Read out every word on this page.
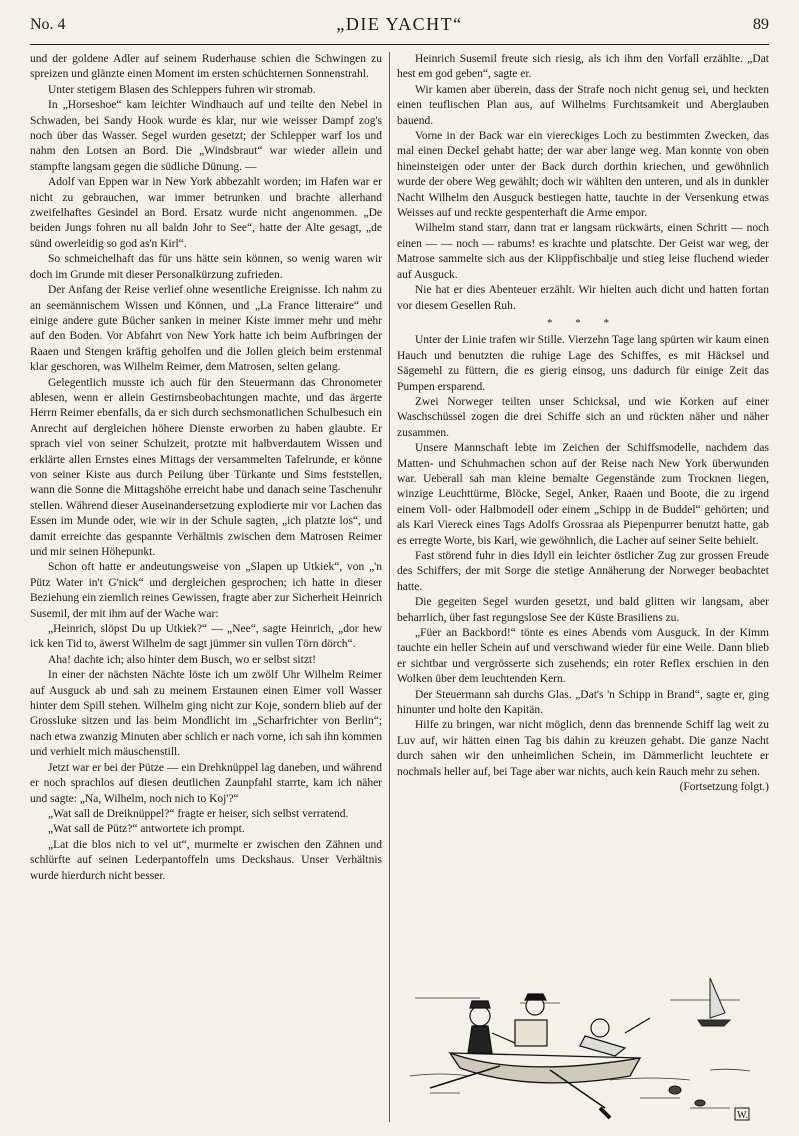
No. 4	„DIE YACHT“	89

und der goldene Adler auf seinem Ruderhause schien die Schwingen zu spreizen und glänzte einen Moment im ersten schüchternen Sonnenstrahl.

Unter stetigem Blasen des Schleppers fuhren wir stromab.

In „Horseshoe“ kam leichter Windhauch auf und teilte den Nebel in Schwaden, bei Sandy Hook wurde es klar, nur wie weisser Dampf zog's noch über das Wasser. Segel wurden gesetzt; der Schlepper warf los und nahm den Lotsen an Bord. Die „Windsbraut“ war wieder allein und stampfte langsam gegen die südliche Dünung. —

Adolf van Eppen war in New York abbezahlt worden; im Hafen war er nicht zu gebrauchen, war immer betrunken und brachte allerhand zweifelhaftes Gesindel an Bord. Ersatz wurde nicht angenommen. „De beiden Jungs fohren nu all baldn Johr to See“, hatte der Alte gesagt, „de sünd owerleidig so god as'n Kirl“.

So schmeichelhaft das für uns hätte sein können, so wenig waren wir doch im Grunde mit dieser Personalkürzung zufrieden.

Der Anfang der Reise verlief ohne wesentliche Ereignisse. Ich nahm zu an seemännischem Wissen und Können, und „La France litteraire“ und einige andere gute Bücher sanken in meiner Kiste immer mehr und mehr auf den Boden. Vor Abfahrt von New York hatte ich beim Aufbringen der Raaen und Stengen kräftig geholfen und die Jollen gleich beim erstenmal klar geschoren, was Wilhelm Reimer, dem Matrosen, selten gelang.

Gelegentlich musste ich auch für den Steuermann das Chronometer ablesen, wenn er allein Gestirnsbeobachtungen machte, und das ärgerte Herrn Reimer ebenfalls, da er sich durch sechsmonatlichen Schulbesuch ein Anrecht auf dergleichen höhere Dienste erworben zu haben glaubte. Er sprach viel von seiner Schulzeit, protzte mit halbverdautem Wissen und erklärte allen Ernstes eines Mittags der versammelten Tafelrunde, er könne von seiner Kiste aus durch Peilung über Türkante und Sims feststellen, wann die Sonne die Mittagshöhe erreicht habe und danach seine Taschenuhr stellen. Während dieser Auseinandersetzung explodierte mir vor Lachen das Essen im Munde oder, wie wir in der Schule sagten, „ich platzte los“, und damit erreichte das gespannte Verhältnis zwischen dem Matrosen Reimer und mir seinen Höhepunkt.

Schon oft hatte er andeutungsweise von „Slapen up Utkiek“, von „'n Pütz Water in't G'nick“ und dergleichen gesprochen; ich hatte in dieser Beziehung ein ziemlich reines Gewissen, fragte aber zur Sicherheit Heinrich Susemil, der mit ihm auf der Wache war:

„Heinrich, slöpst Du up Utkiek?“ — „Nee“, sagte Heinrich, „dor hew ick ken Tid to, äwerst Wilhelm de sagt jümmer sin vullen Törn dörch“.

Aha! dachte ich; also hinter dem Busch, wo er selbst sitzt!

In einer der nächsten Nächte löste ich um zwölf Uhr Wilhelm Reimer auf Ausguck ab und sah zu meinem Erstaunen einen Eimer voll Wasser hinter dem Spill stehen. Wilhelm ging nicht zur Koje, sondern blieb auf der Grossluke sitzen und las beim Mondlicht im „Scharfrichter von Berlin“; nach etwa zwanzig Minuten aber schlich er nach vorne, ich sah ihn kommen und verhielt mich mäuschenstill.

Jetzt war er bei der Pütze — ein Drehknüppel lag daneben, und während er noch sprachlos auf diesen deutlichen Zaunpfahl starrte, kam ich näher und sagte: „Na, Wilhelm, noch nich to Koj'?“

„Wat sall de Dreiknüppel?“ fragte er heiser, sich selbst verratend.

„Wat sall de Pütz?“ antwortete ich prompt.

„Lat die blos nich to vel ut“, murmelte er zwischen den Zähnen und schlürfte auf seinen Lederpantoffeln ums Deckshaus. Unser Verhältnis wurde hierdurch nicht besser.

Heinrich Susemil freute sich riesig, als ich ihm den Vorfall erzählte. „Dat hest em god geben“, sagte er.

Wir kamen aber überein, dass der Strafe noch nicht genug sei, und heckten einen teuflischen Plan aus, auf Wilhelms Furchtsamkeit und Aberglauben bauend.

Vorne in der Back war ein viereckiges Loch zu bestimmten Zwecken, das mal einen Deckel gehabt hatte; der war aber lange weg. Man konnte von oben hineinsteigen oder unter der Back durch dorthin kriechen, und gewöhnlich wurde der obere Weg gewählt; doch wir wählten den unteren, und als in dunkler Nacht Wilhelm den Ausguck bestiegen hatte, tauchte in der Versenkung etwas Weisses auf und reckte gespenterhaft die Arme empor.

Wilhelm stand starr, dann trat er langsam rückwärts, einen Schritt — noch einen — — noch — rabums! es krachte und platschte. Der Geist war weg, der Matrose sammelte sich aus der Klippfischbalje und stieg leise fluchend wieder auf Ausguck.

Nie hat er dies Abenteuer erzählt. Wir hielten auch dicht und hatten fortan vor diesem Gesellen Ruh.

* * *

Unter der Linie trafen wir Stille. Vierzehn Tage lang spürten wir kaum einen Hauch und benutzten die ruhige Lage des Schiffes, es mit Häcksel und Sägemehl zu füttern, die es gierig einsog, uns dadurch für einige Zeit das Pumpen ersparend.

Zwei Norweger teilten unser Schicksal, und wie Korken auf einer Waschschüssel zogen die drei Schiffe sich an und rückten näher und näher zusammen.

Unsere Mannschaft lebte im Zeichen der Schiffsmodelle, nachdem das Matten- und Schuhmachen schon auf der Reise nach New York überwunden war. Ueberall sah man kleine bemalte Gegenstände zum Trocknen liegen, winzige Leuchttürme, Blöcke, Segel, Anker, Raaen und Boote, die zu irgend einem Voll- oder Halbmodell oder einem „Schipp in de Buddel“ gehörten; und als Karl Viereck eines Tags Adolfs Grossraa als Piepenpurrer benutzt hatte, gab es erregte Worte, bis Karl, wie gewöhnlich, die Lacher auf seiner Seite behielt.

Fast störend fuhr in dies Idyll ein leichter östlicher Zug zur grossen Freude des Schiffers, der mit Sorge die stetige Annäherung der Norweger beobachtet hatte.

Die gegeiten Segel wurden gesetzt, und bald glitten wir langsam, aber beharrlich, über fast regungslose See der Küste Brasiliens zu.

„Füer an Backbord!“ tönte es eines Abends vom Ausguck. In der Kimm tauchte ein heller Schein auf und verschwand wieder für eine Weile. Dann blieb er sichtbar und vergrösserte sich zusehends; ein roter Reflex erschien in den Wolken über dem leuchtenden Kern.

Der Steuermann sah durchs Glas. „Dat's 'n Schipp in Brand“, sagte er, ging hinunter und holte den Kapitän.

Hilfe zu bringen, war nicht möglich, denn das brennende Schiff lag weit zu Luv auf, wir hätten einen Tag bis dahin zu kreuzen gehabt. Die ganze Nacht durch sahen wir den unheimlichen Schein, im Dämmerlicht leuchtete er nochmals heller auf, bei Tage aber war nichts, auch kein Rauch mehr zu sehen.

(Fortsetzung folgt.)

W.
